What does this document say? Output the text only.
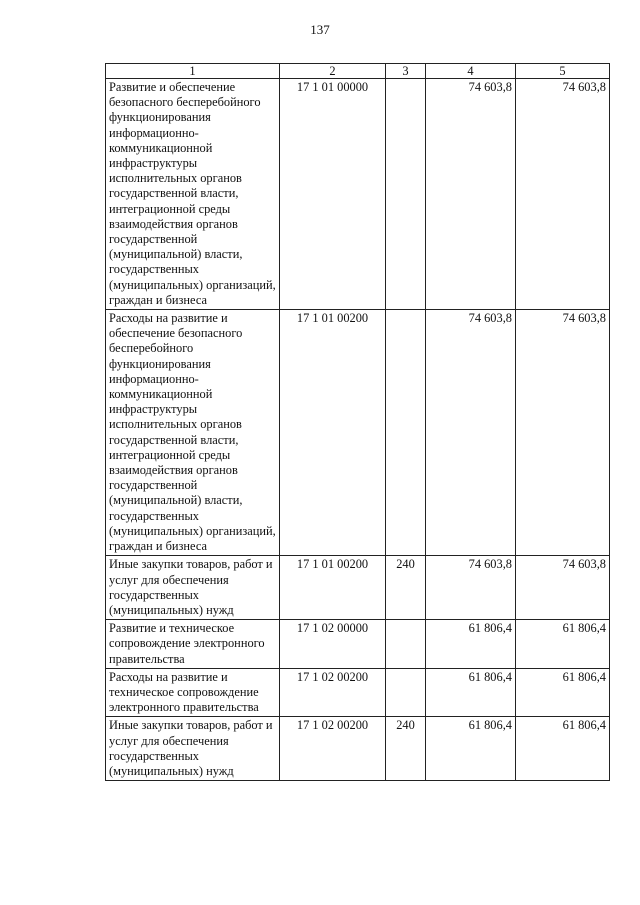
137
1	2	3	4	5
Развитие и обеспечение безопасного бесперебойного функционирования информационно-коммуникационной инфраструктуры исполнительных органов государственной власти, интеграционной среды взаимодействия органов государственной (муниципальной) власти, государственных (муниципальных) организаций, граждан и бизнеса	17 1 01 00000		74 603,8	74 603,8
Расходы на развитие и обеспечение безопасного бесперебойного функционирования информационно-коммуникационной инфраструктуры исполнительных органов государственной власти, интеграционной среды взаимодействия органов государственной (муниципальной) власти, государственных (муниципальных) организаций, граждан и бизнеса	17 1 01 00200		74 603,8	74 603,8
Иные закупки товаров, работ и услуг для обеспечения государственных (муниципальных) нужд	17 1 01 00200	240	74 603,8	74 603,8
Развитие и техническое сопровождение электронного правительства	17 1 02 00000		61 806,4	61 806,4
Расходы на развитие и техническое сопровождение электронного правительства	17 1 02 00200		61 806,4	61 806,4
Иные закупки товаров, работ и услуг для обеспечения государственных (муниципальных) нужд	17 1 02 00200	240	61 806,4	61 806,4
